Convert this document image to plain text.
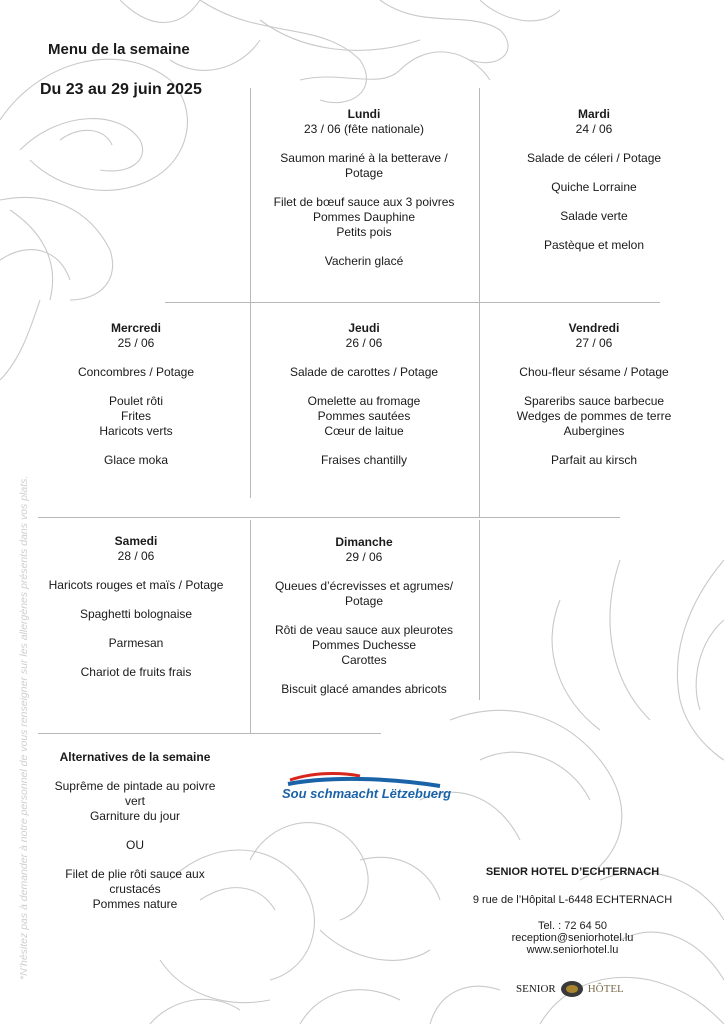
Menu de la semaine
Du 23 au 29 juin 2025
Lundi
23 / 06 (fête nationale)
Saumon mariné à la betterave /
Potage
Filet de bœuf sauce aux 3 poivres
Pommes Dauphine
Petits pois
Vacherin glacé
Mardi
24 / 06
Salade de céleri / Potage
Quiche Lorraine
Salade verte
Pastèque et melon
Mercredi
25 / 06
Concombres / Potage
Poulet rôti
Frites
Haricots verts
Glace moka
Jeudi
26 / 06
Salade de carottes / Potage
Omelette au fromage
Pommes sautées
Cœur de laitue
Fraises chantilly
Vendredi
27 / 06
Chou-fleur sésame / Potage
Spareribs sauce barbecue
Wedges de pommes de terre
Aubergines
Parfait au kirsch
Samedi
28 / 06
Haricots rouges et maïs / Potage
Spaghetti bolognaise
Parmesan
Chariot de fruits frais
Dimanche
29 / 06
Queues d’écrevisses et agrumes/
Potage
Rôti de veau sauce aux pleurotes
Pommes Duchesse
Carottes
Biscuit glacé amandes abricots
Alternatives de la semaine
Suprême de pintade au poivre
vert
Garniture du jour
OU
Filet de plie rôti sauce aux
crustacés
Pommes nature
*N’hésitez pas à demander à notre personnel de vous renseigner sur les allergènes présents dans vos plats.	Sou schmaacht Lëtzebuerg
SENIOR HOTEL D’ECHTERNACH
9 rue de l’Hôpital L-6448 ECHTERNACH
Tel. : 72 64 50
reception@seniorhotel.lu
www.seniorhotel.lu
SENIOR	HÔTEL
